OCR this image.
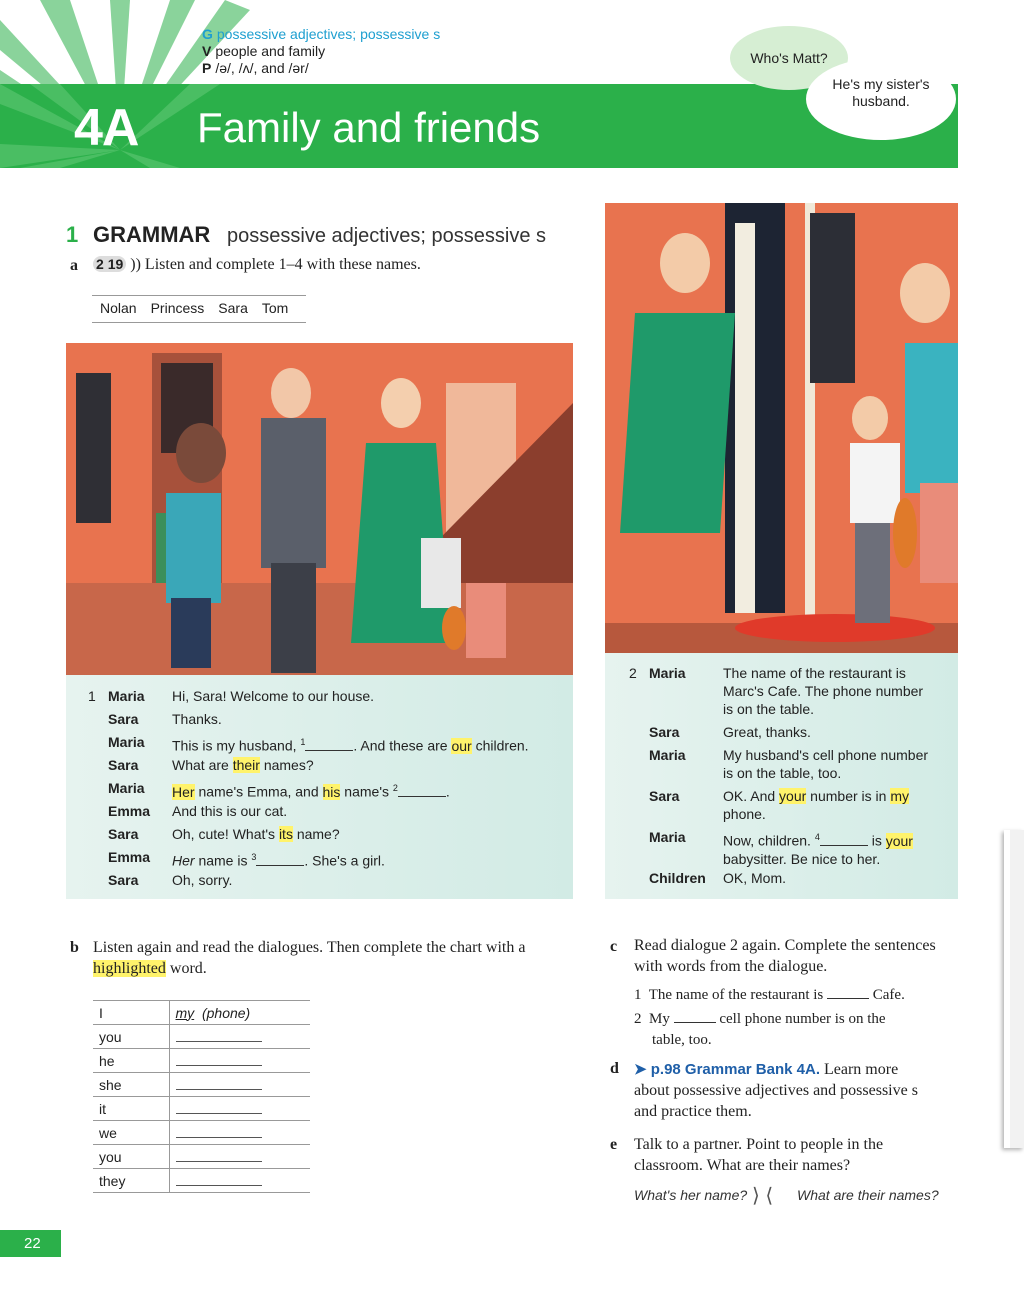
G possessive adjectives; possessive s
V people and family
P /ə/, /ʌ/, and /ər/
4A Family and friends
Who's Matt?
He's my sister's husband.
1 GRAMMAR possessive adjectives; possessive s
a 2 19 )) Listen and complete 1–4 with these names.
Nolan Princess Sara Tom
1 Maria	Hi, Sara! Welcome to our house.
Sara	Thanks.
Maria	This is my husband, $^1$	. And these are our children.
Sara	What are their names?
Maria	Her name's Emma, and his name's $^2$	.
Emma	And this is our cat.
Sara	Oh, cute! What's its name?
Emma	Her name is $^3$	. She's a girl.
Sara	Oh, sorry.
2 Maria	The name of the restaurant is
Marc's Cafe. The phone number
is on the table.
Sara	Great, thanks.
Maria	My husband's cell phone number
is on the table, too.
Sara	OK. And your number is in my
phone.
Maria	Now, children. $^4$	is your
babysitter. Be nice to her.
Children	OK, Mom.
b Listen again and read the dialogues. Then complete the chart with a highlighted word.
I	my (phone)
you	
he	
she	
it	
we	
you	
they	
c Read dialogue 2 again. Complete the sentences with words from the dialogue.
1 The name of the restaurant is	Cafe.
2 My	cell phone number is on the
table, too.
d ➤ p.98 Grammar Bank 4A. Learn more about possessive adjectives and possessive s and practice them.
e Talk to a partner. Point to people in the classroom. What are their names?
What's her name?	What are their names?
⟩ ⟨
22
